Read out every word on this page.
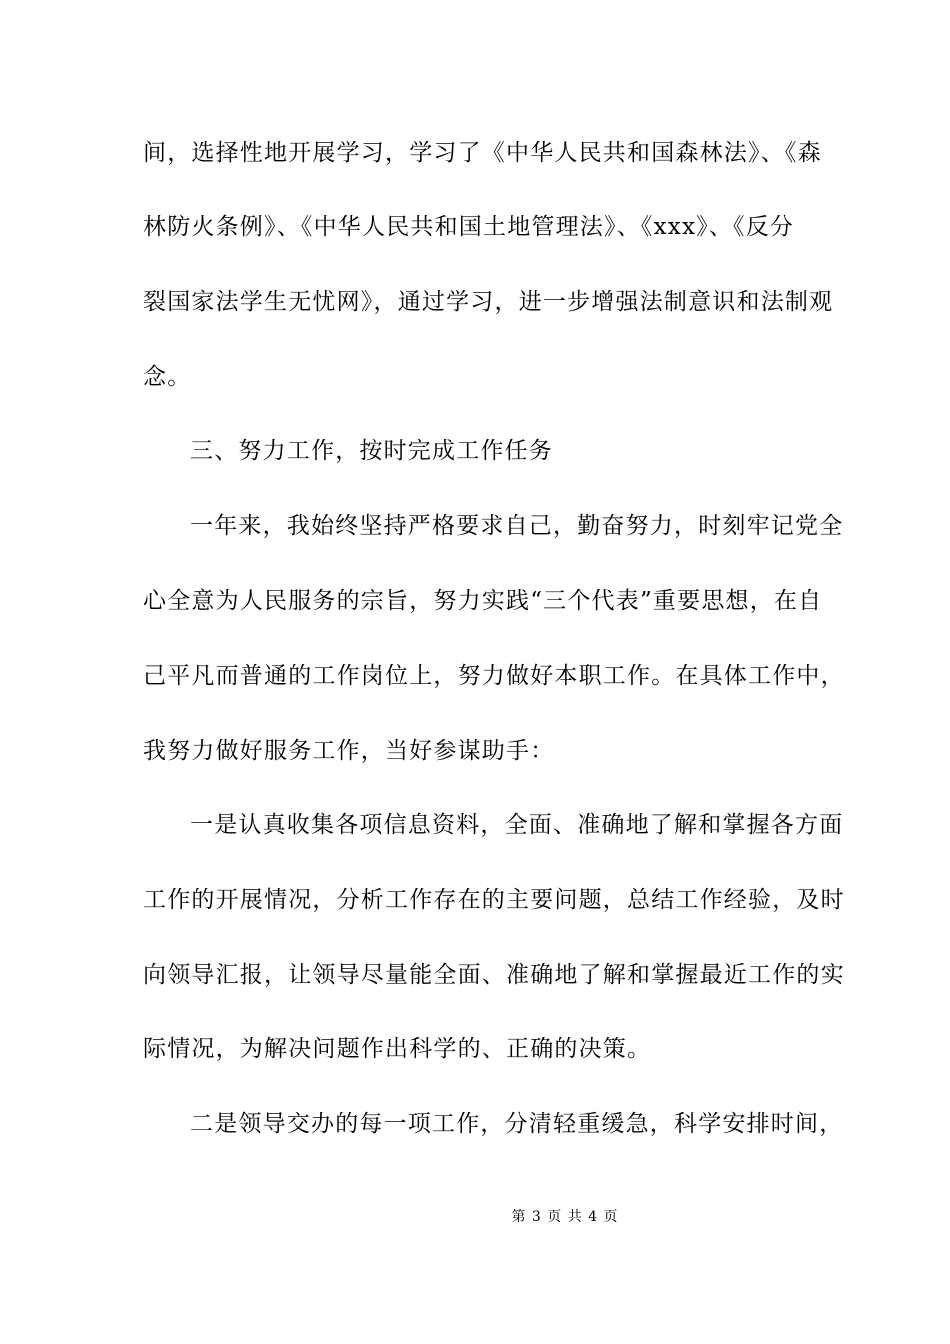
间，选择性地开展学习，学习了《中华人民共和国森林法》、《森
林防火条例》、《中华人民共和国土地管理法》、《xxx》、《反分
裂国家法学生无忧网》，通过学习，进一步增强法制意识和法制观
念。
三、努力工作，按时完成工作任务
一年来，我始终坚持严格要求自己，勤奋努力，时刻牢记党全
心全意为人民服务的宗旨，努力实践“三个代表”重要思想，在自
己平凡而普通的工作岗位上，努力做好本职工作。在具体工作中，
我努力做好服务工作，当好参谋助手：
一是认真收集各项信息资料，全面、准确地了解和掌握各方面
工作的开展情况，分析工作存在的主要问题，总结工作经验，及时
向领导汇报，让领导尽量能全面、准确地了解和掌握最近工作的实
际情况，为解决问题作出科学的、正确的决策。
二是领导交办的每一项工作，分清轻重缓急，科学安排时间，
第 3 页 共 4 页
